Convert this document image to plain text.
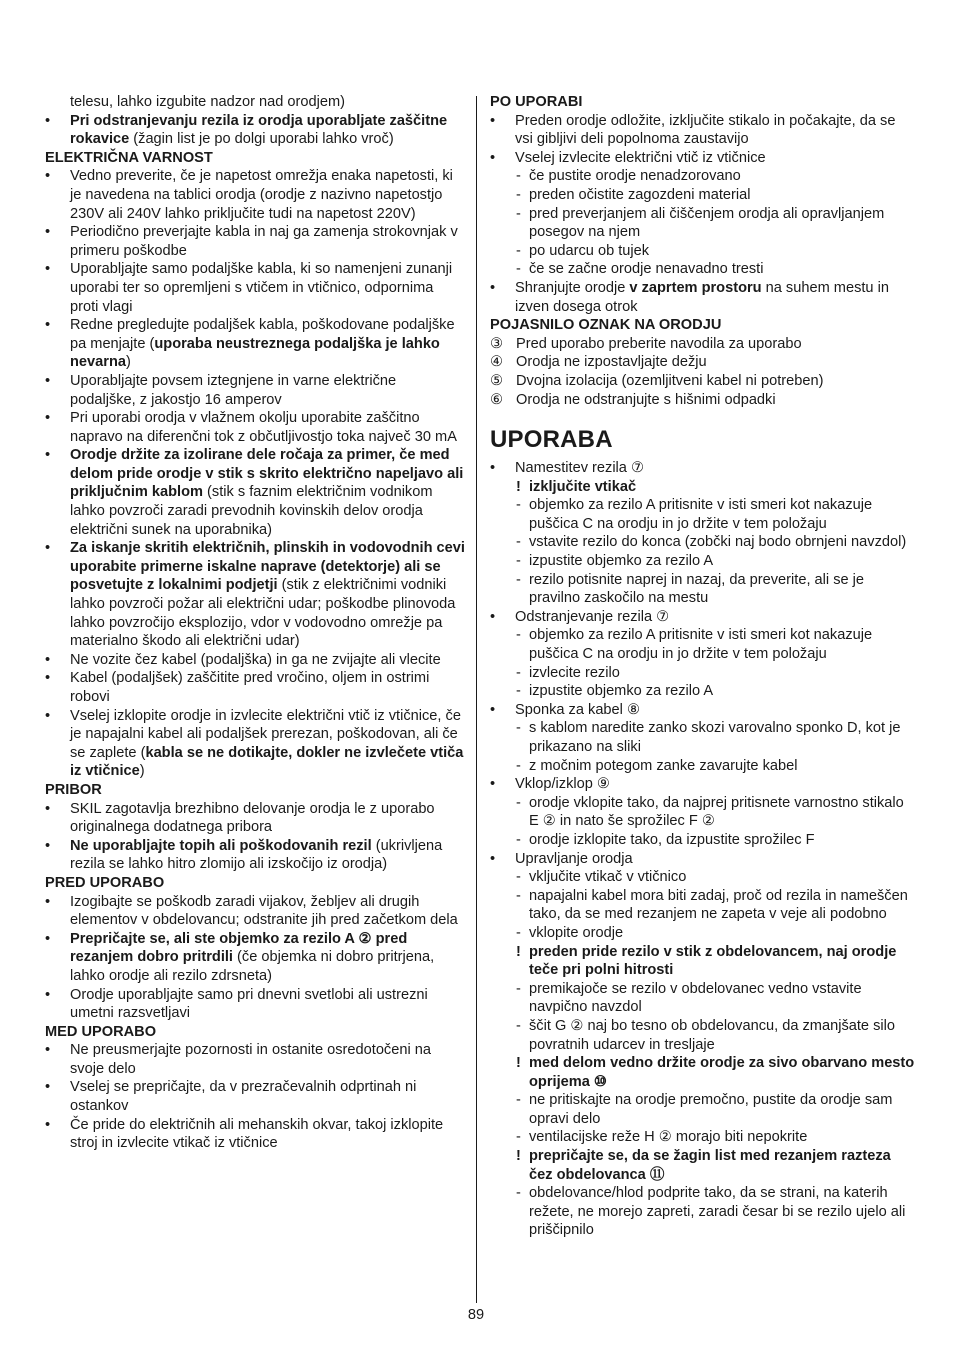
telesu, lahko izgubite nadzor nad orodjem)
•	Pri odstranjevanju rezila iz orodja uporabljate zaščitne rokavice (žagin list je po dolgi uporabi lahko vroč)
ELEKTRIČNA VARNOST
•	Vedno preverite, če je napetost omrežja enaka napetosti, ki je navedena na tablici orodja (orodje z nazivno napetostjo 230V ali 240V lahko priključite tudi na napetost 220V)
•	Periodično preverjajte kabla in naj ga zamenja strokovnjak v primeru poškodbe
•	Uporabljajte samo podaljške kabla, ki so namenjeni zunanji uporabi ter so opremljeni s vtičem in vtičnico, odpornima proti vlagi
•	Redne pregledujte podaljšek kabla, poškodovane podaljške pa menjajte (uporaba neustreznega podaljška je lahko nevarna)
•	Uporabljajte povsem iztegnjene in varne električne podaljške, z jakostjo 16 amperov
•	Pri uporabi orodja v vlažnem okolju uporabite zaščitno napravo na diferenčni tok z občutljivostjo toka največ 30 mA
•	Orodje držite za izolirane dele ročaja za primer, če med delom pride orodje v stik s skrito električno napeljavo ali priključnim kablom (stik s faznim električnim vodnikom lahko povzroči zaradi prevodnih kovinskih delov orodja električni sunek na uporabnika)
•	Za iskanje skritih električnih, plinskih in vodovodnih cevi uporabite primerne iskalne naprave (detektorje) ali se posvetujte z lokalnimi podjetji (stik z električnimi vodniki lahko povzroči požar ali električni udar; poškodbe plinovoda lahko povzročijo eksplozijo, vdor v vodovodno omrežje pa materialno škodo ali električni udar)
•	Ne vozite čez kabel (podaljška) in ga ne zvijajte ali vlecite
•	Kabel (podaljšek) zaščitite pred vročino, oljem in ostrimi robovi
•	Vselej izklopite orodje in izvlecite električni vtič iz vtičnice, če je napajalni kabel ali podaljšek prerezan, poškodovan, ali če se zaplete (kabla se ne dotikajte, dokler ne izvlečete vtiča iz vtičnice)
PRIBOR
•	SKIL zagotavlja brezhibno delovanje orodja le z uporabo originalnega dodatnega pribora
•	Ne uporabljajte topih ali poškodovanih rezil (ukrivljena rezila se lahko hitro zlomijo ali izskočijo iz orodja)
PRED UPORABO
•	Izogibajte se poškodb zaradi vijakov, žebljev ali drugih elementov v obdelovancu; odstranite jih pred začetkom dela
•	Prepričajte se, ali ste objemko za rezilo A ② pred rezanjem dobro pritrdili (če objemka ni dobro pritrjena, lahko orodje ali rezilo zdrsneta)
•	Orodje uporabljajte samo pri dnevni svetlobi ali ustrezni umetni razsvetljavi
MED UPORABO
•	Ne preusmerjajte pozornosti in ostanite osredotočeni na svoje delo
•	Vselej se prepričajte, da v prezračevalnih odprtinah ni ostankov
•	Če pride do električnih ali mehanskih okvar, takoj izklopite stroj in izvlecite vtikač iz vtičnice
PO UPORABI
•	Preden orodje odložite, izključite stikalo in počakajte, da se vsi gibljivi deli popolnoma zaustavijo
•	Vselej izvlecite električni vtič iz vtičnice
- če pustite orodje nenadzorovano
- preden očistite zagozdeni material
- pred preverjanjem ali čiščenjem orodja ali opravljanjem posegov na njem
- po udarcu ob tujek
- če se začne orodje nenavadno tresti
•	Shranjujte orodje v zaprtem prostoru na suhem mestu in izven dosega otrok
POJASNILO OZNAK NA ORODJU
③ Pred uporabo preberite navodila za uporabo
④ Orodja ne izpostavljajte dežju
⑤ Dvojna izolacija (ozemljitveni kabel ni potreben)
⑥ Orodja ne odstranjujte s hišnimi odpadki
UPORABA
•	Namestitev rezila ⑦
! izključite vtikač
- objemko za rezilo A pritisnite v isti smeri kot nakazuje puščica C na orodju in jo držite v tem položaju
- vstavite rezilo do konca (zobčki naj bodo obrnjeni navzdol)
- izpustite objemko za rezilo A
- rezilo potisnite naprej in nazaj, da preverite, ali se je pravilno zaskočilo na mestu
•	Odstranjevanje rezila ⑦
- objemko za rezilo A pritisnite v isti smeri kot nakazuje puščica C na orodju in jo držite v tem položaju
- izvlecite rezilo
- izpustite objemko za rezilo A
•	Sponka za kabel ⑧
- s kablom naredite zanko skozi varovalno sponko D, kot je prikazano na sliki
- z močnim potegom zanke zavarujte kabel
•	Vklop/izklop ⑨
- orodje vklopite tako, da najprej pritisnete varnostno stikalo E ② in nato še sprožilec F ②
- orodje izklopite tako, da izpustite sprožilec F
•	Upravljanje orodja
- vključite vtikač v vtičnico
- napajalni kabel mora biti zadaj, proč od rezila in nameščen tako, da se med rezanjem ne zapeta v veje ali podobno
- vklopite orodje
! preden pride rezilo v stik z obdelovancem, naj orodje teče pri polni hitrosti
- premikajoče se rezilo v obdelovanec vedno vstavite navpično navzdol
- ščit G ② naj bo tesno ob obdelovancu, da zmanjšate silo povratnih udarcev in tresljaje
! med delom vedno držite orodje za sivo obarvano mesto oprijema ⑩
- ne pritiskajte na orodje premočno, pustite da orodje sam opravi delo
- ventilacijske reže H ② morajo biti nepokrite
! prepričajte se, da se žagin list med rezanjem razteza čez obdelovanca ⑪
- obdelovance/hlod podprite tako, da se strani, na katerih režete, ne morejo zapreti, zaradi česar bi se rezilo ujelo ali priščipnilo
89
